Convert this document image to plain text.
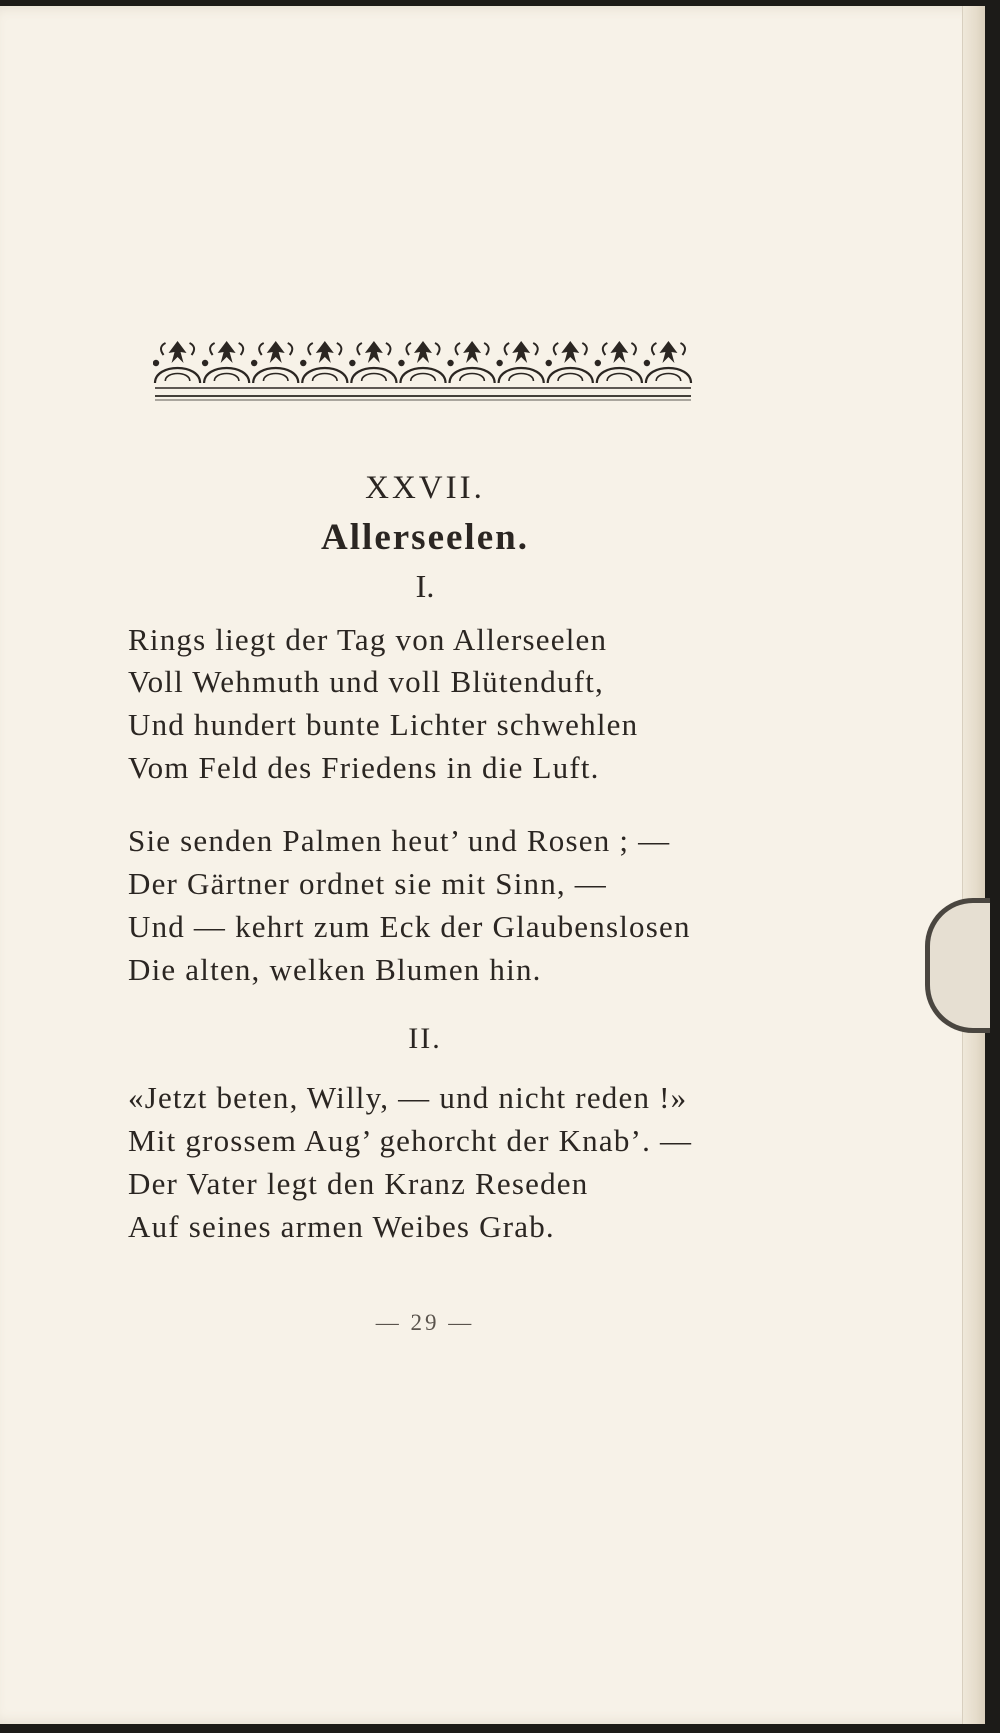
XXVII.
Allerseelen.
I.
Rings liegt der Tag von Allerseelen
Voll Wehmuth und voll Blütenduft,
Und hundert bunte Lichter schwehlen
Vom Feld des Friedens in die Luft.
Sie senden Palmen heut’ und Rosen ; —
Der Gärtner ordnet sie mit Sinn, —
Und — kehrt zum Eck der Glaubenslosen
Die alten, welken Blumen hin.
II.
«Jetzt beten, Willy, — und nicht reden !»
Mit grossem Aug’ gehorcht der Knab’. —
Der Vater legt den Kranz Reseden
Auf seines armen Weibes Grab.
— 29 —
